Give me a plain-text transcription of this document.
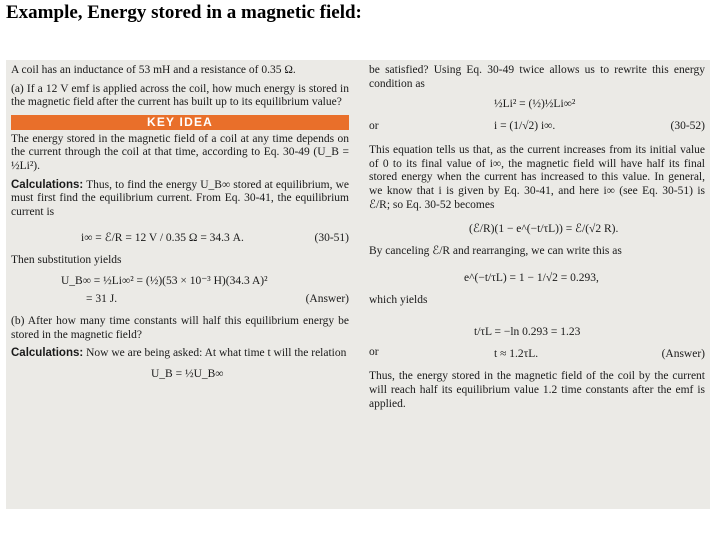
Example, Energy stored in a magnetic field:

A coil has an inductance of 53 mH and a resistance of 0.35 Ω.

(a) If a 12 V emf is applied across the coil, how much energy is stored in the magnetic field after the current has built up to its equilibrium value?

KEY IDEA

The energy stored in the magnetic field of a coil at any time depends on the current through the coil at that time, according to Eq. 30-49 (U_B = ½Li²).

Calculations: Thus, to find the energy U_B∞ stored at equilibrium, we must first find the equilibrium current. From Eq. 30-41, the equilibrium current is

i∞ = ℰ/R = 12 V / 0.35 Ω = 34.3 A.	(30-51)

Then substitution yields

U_B∞ = ½Li∞² = (½)(53 × 10⁻³ H)(34.3 A)²
= 31 J.	(Answer)

(b) After how many time constants will half this equilibrium energy be stored in the magnetic field?

Calculations: Now we are being asked: At what time t will the relation

U_B = ½U_B∞

be satisfied? Using Eq. 30-49 twice allows us to rewrite this energy condition as

½Li² = (½)½Li∞²
or	i = (1/√2) i∞.	(30-52)

This equation tells us that, as the current increases from its initial value of 0 to its final value of i∞, the magnetic field will have half its final stored energy when the current has increased to this value. In general, we know that i is given by Eq. 30-41, and here i∞ (see Eq. 30-51) is ℰ/R; so Eq. 30-52 becomes

(ℰ/R)(1 − e^(−t/τL)) = ℰ/(√2 R).

By canceling ℰ/R and rearranging, we can write this as

e^(−t/τL) = 1 − 1/√2 = 0.293,

which yields

t/τL = −ln 0.293 = 1.23
or	t ≈ 1.2τL.	(Answer)

Thus, the energy stored in the magnetic field of the coil by the current will reach half its equilibrium value 1.2 time constants after the emf is applied.
